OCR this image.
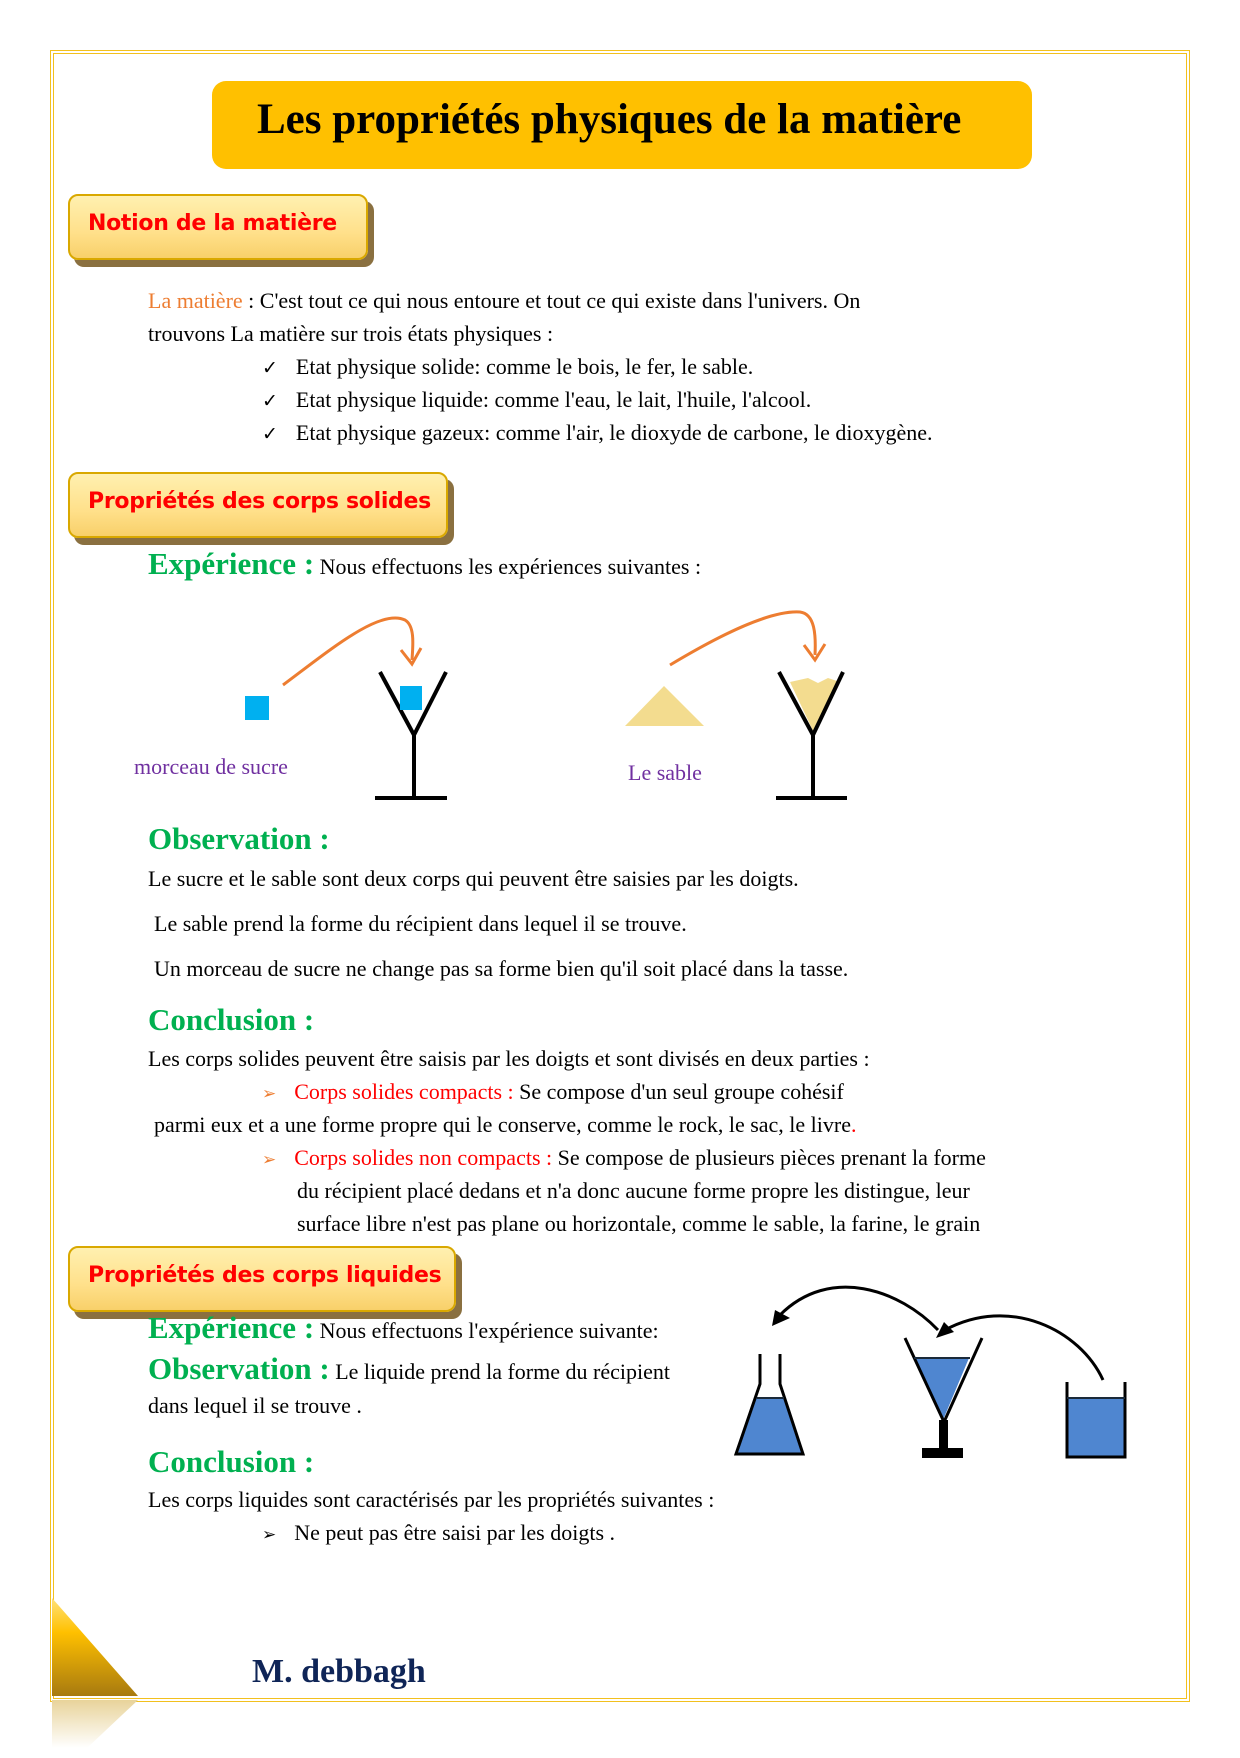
Les propriétés physiques de la matière
Notion de la matière
La matière : C'est tout ce qui nous entoure et tout ce qui existe dans l'univers. On
trouvons La matière sur trois états physiques :
✓ Etat physique solide: comme le bois, le fer, le sable.
✓ Etat physique liquide: comme l'eau, le lait, l'huile, l'alcool.
✓ Etat physique gazeux: comme l'air, le dioxyde de carbone, le dioxygène.
Propriétés des corps solides
Expérience : Nous effectuons les expériences suivantes :
morceau de sucre	Le sable
Observation :
Le sucre et le sable sont deux corps qui peuvent être saisies par les doigts.
Le sable prend la forme du récipient dans lequel il se trouve.
Un morceau de sucre ne change pas sa forme bien qu'il soit placé dans la tasse.
Conclusion :
Les corps solides peuvent être saisis par les doigts et sont divisés en deux parties :
➢ Corps solides compacts : Se compose d'un seul groupe cohésif
parmi eux et a une forme propre qui le conserve, comme le rock, le sac, le livre.
➢ Corps solides non compacts : Se compose de plusieurs pièces prenant la forme
du récipient placé dedans et n'a donc aucune forme propre les distingue, leur
surface libre n'est pas plane ou horizontale, comme le sable, la farine, le grain
Propriétés des corps liquides
Expérience : Nous effectuons l'expérience suivante:
Observation : Le liquide prend la forme du récipient
dans lequel il se trouve .
Conclusion :
Les corps liquides sont caractérisés par les propriétés suivantes :
➢ Ne peut pas être saisi par les doigts .
M. debbagh
